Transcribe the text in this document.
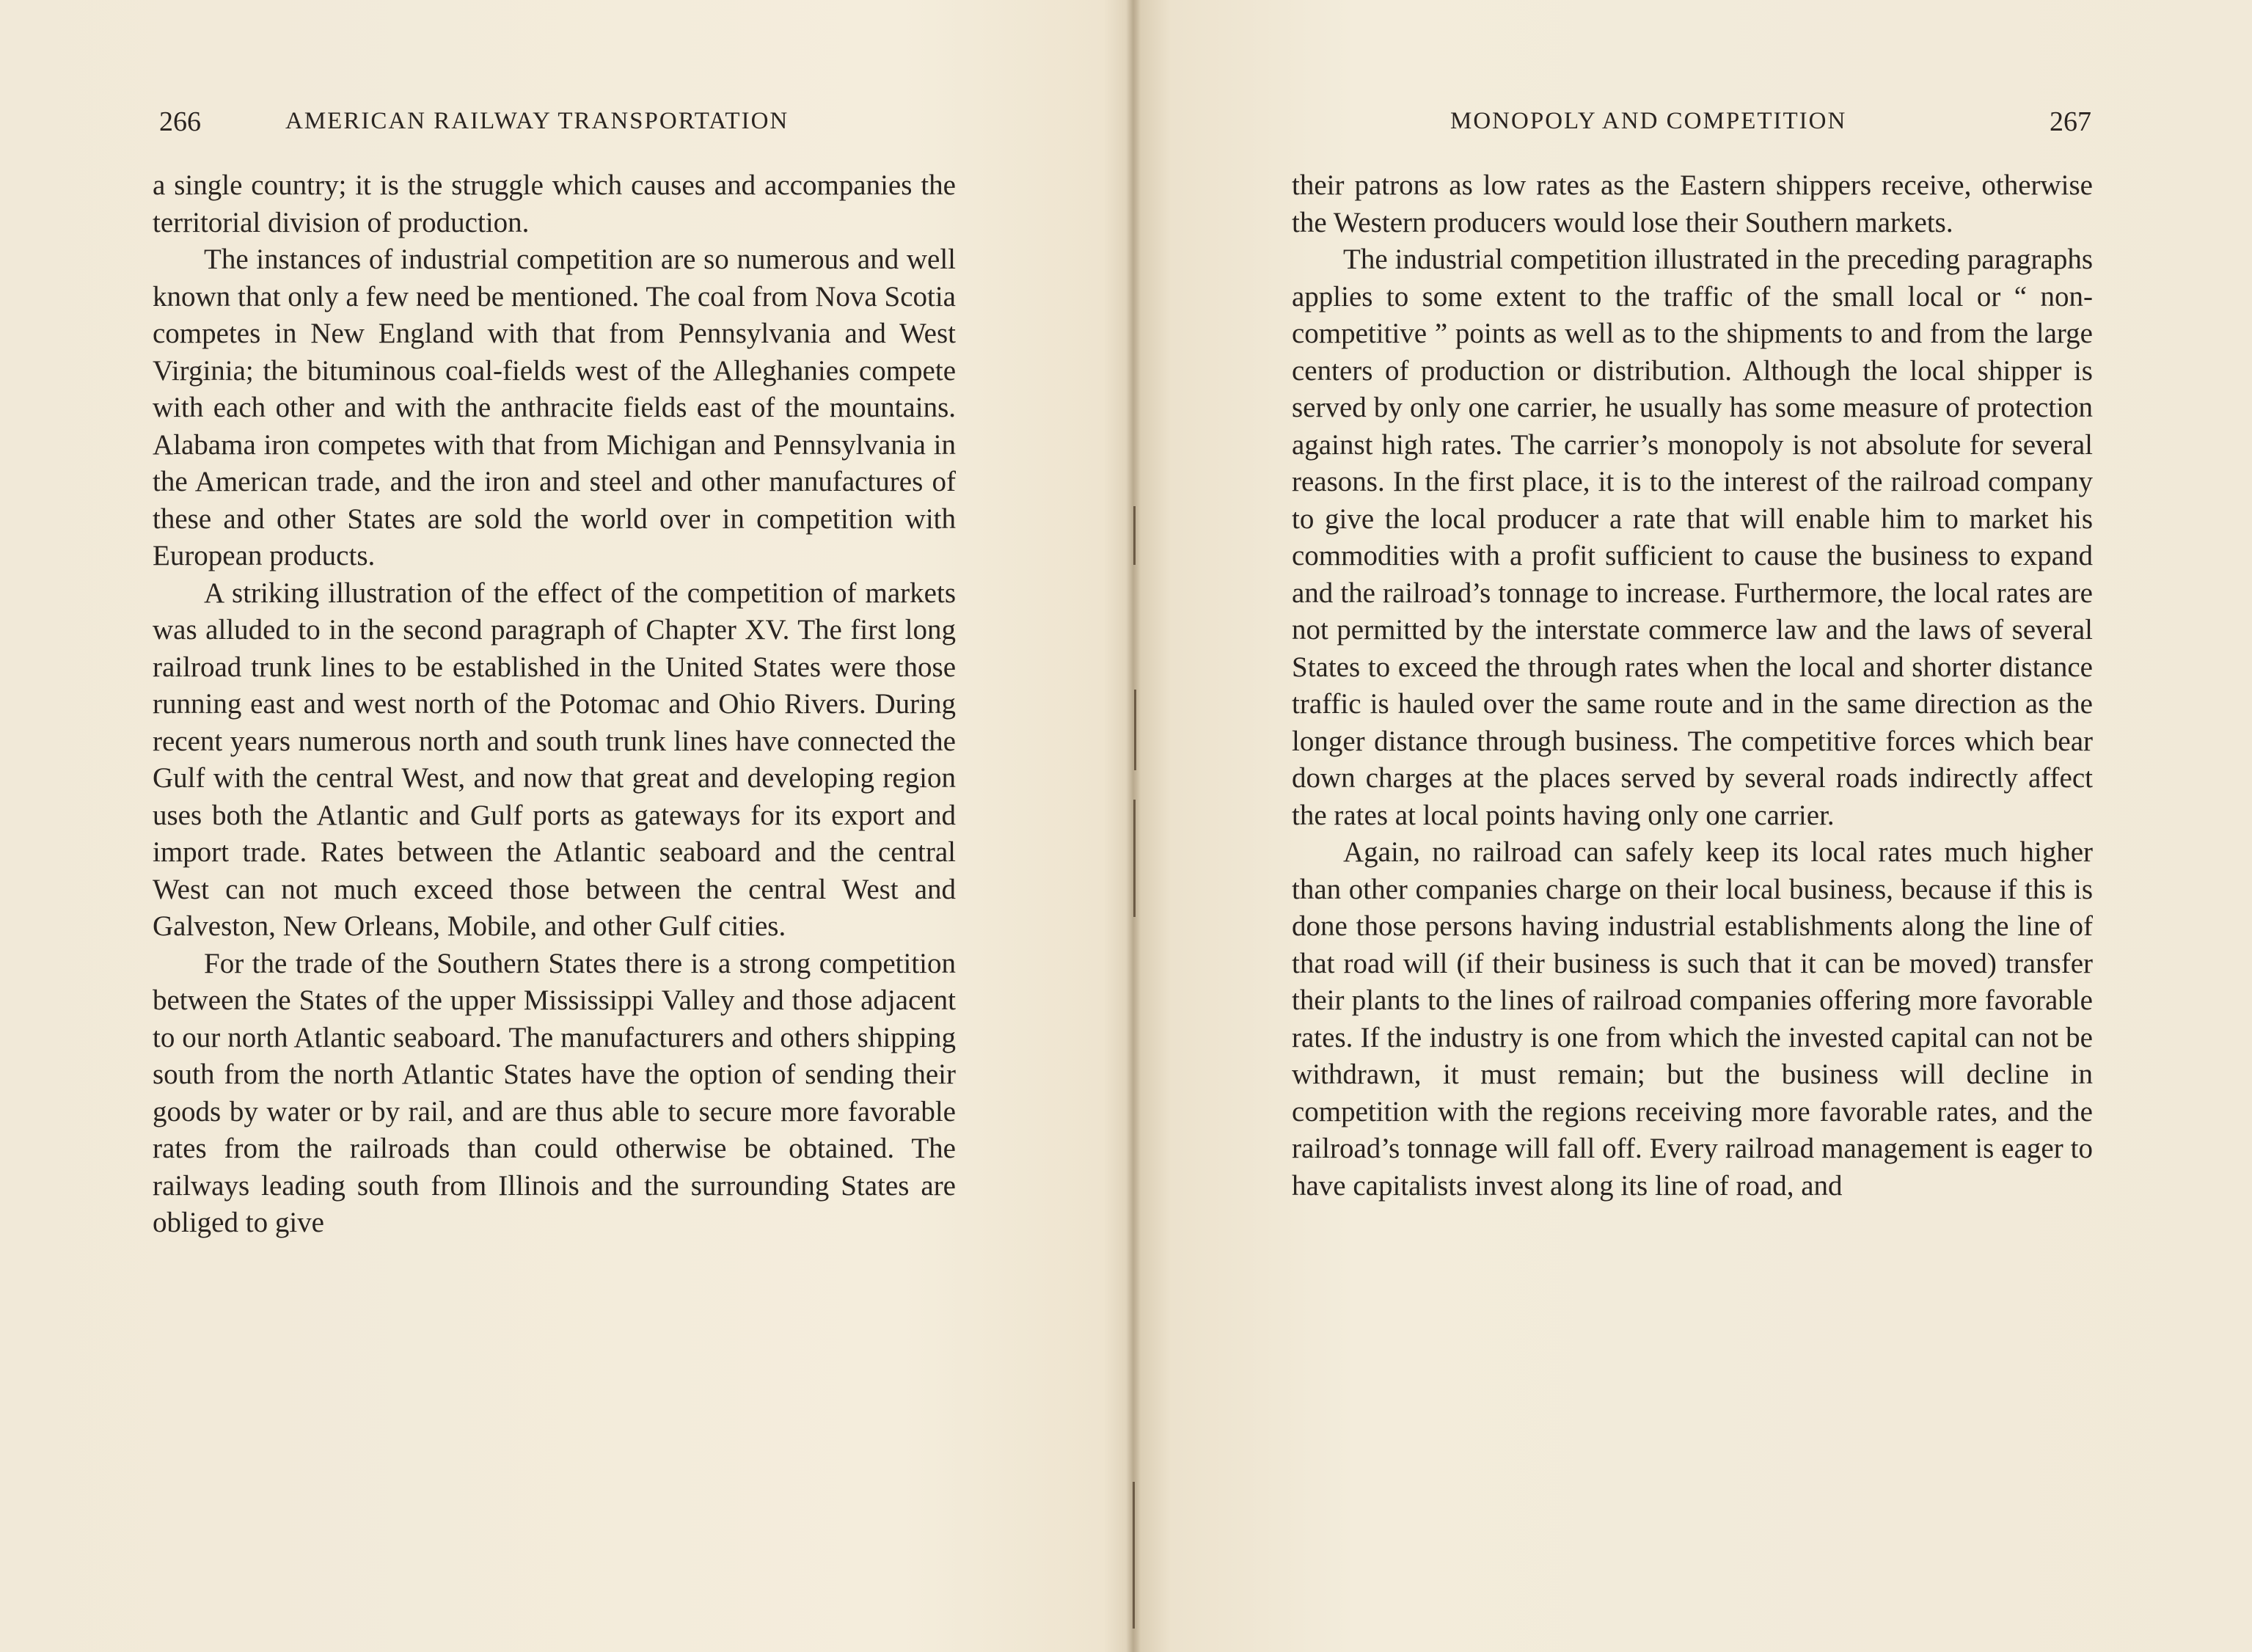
266	AMERICAN RAILWAY TRANSPORTATION

a single country; it is the struggle which causes and accompanies the territorial division of production.

The instances of industrial competition are so numerous and well known that only a few need be mentioned. The coal from Nova Scotia competes in New England with that from Pennsylvania and West Virginia; the bituminous coal-fields west of the Alleghanies compete with each other and with the anthracite fields east of the mountains. Alabama iron competes with that from Michigan and Pennsylvania in the American trade, and the iron and steel and other manufactures of these and other States are sold the world over in competition with European products.

A striking illustration of the effect of the competition of markets was alluded to in the second paragraph of Chapter XV. The first long railroad trunk lines to be established in the United States were those running east and west north of the Potomac and Ohio Rivers. During recent years numerous north and south trunk lines have connected the Gulf with the central West, and now that great and developing region uses both the Atlantic and Gulf ports as gateways for its export and import trade. Rates between the Atlantic seaboard and the central West can not much exceed those between the central West and Galveston, New Orleans, Mobile, and other Gulf cities.

For the trade of the Southern States there is a strong competition between the States of the upper Mississippi Valley and those adjacent to our north Atlantic seaboard. The manufacturers and others shipping south from the north Atlantic States have the option of sending their goods by water or by rail, and are thus able to secure more favorable rates from the railroads than could otherwise be obtained. The railways leading south from Illinois and the surrounding States are obliged to give

MONOPOLY AND COMPETITION	267

their patrons as low rates as the Eastern shippers receive, otherwise the Western producers would lose their Southern markets.

The industrial competition illustrated in the preceding paragraphs applies to some extent to the traffic of the small local or “ non-competitive ” points as well as to the shipments to and from the large centers of production or distribution. Although the local shipper is served by only one carrier, he usually has some measure of protection against high rates. The carrier’s monopoly is not absolute for several reasons. In the first place, it is to the interest of the railroad company to give the local producer a rate that will enable him to market his commodities with a profit sufficient to cause the business to expand and the railroad’s tonnage to increase. Furthermore, the local rates are not permitted by the interstate commerce law and the laws of several States to exceed the through rates when the local and shorter distance traffic is hauled over the same route and in the same direction as the longer distance through business. The competitive forces which bear down charges at the places served by several roads indirectly affect the rates at local points having only one carrier.

Again, no railroad can safely keep its local rates much higher than other companies charge on their local business, because if this is done those persons having industrial establishments along the line of that road will (if their business is such that it can be moved) transfer their plants to the lines of railroad companies offering more favorable rates. If the industry is one from which the invested capital can not be withdrawn, it must remain; but the business will decline in competition with the regions receiving more favorable rates, and the railroad’s tonnage will fall off. Every railroad management is eager to have capitalists invest along its line of road, and
